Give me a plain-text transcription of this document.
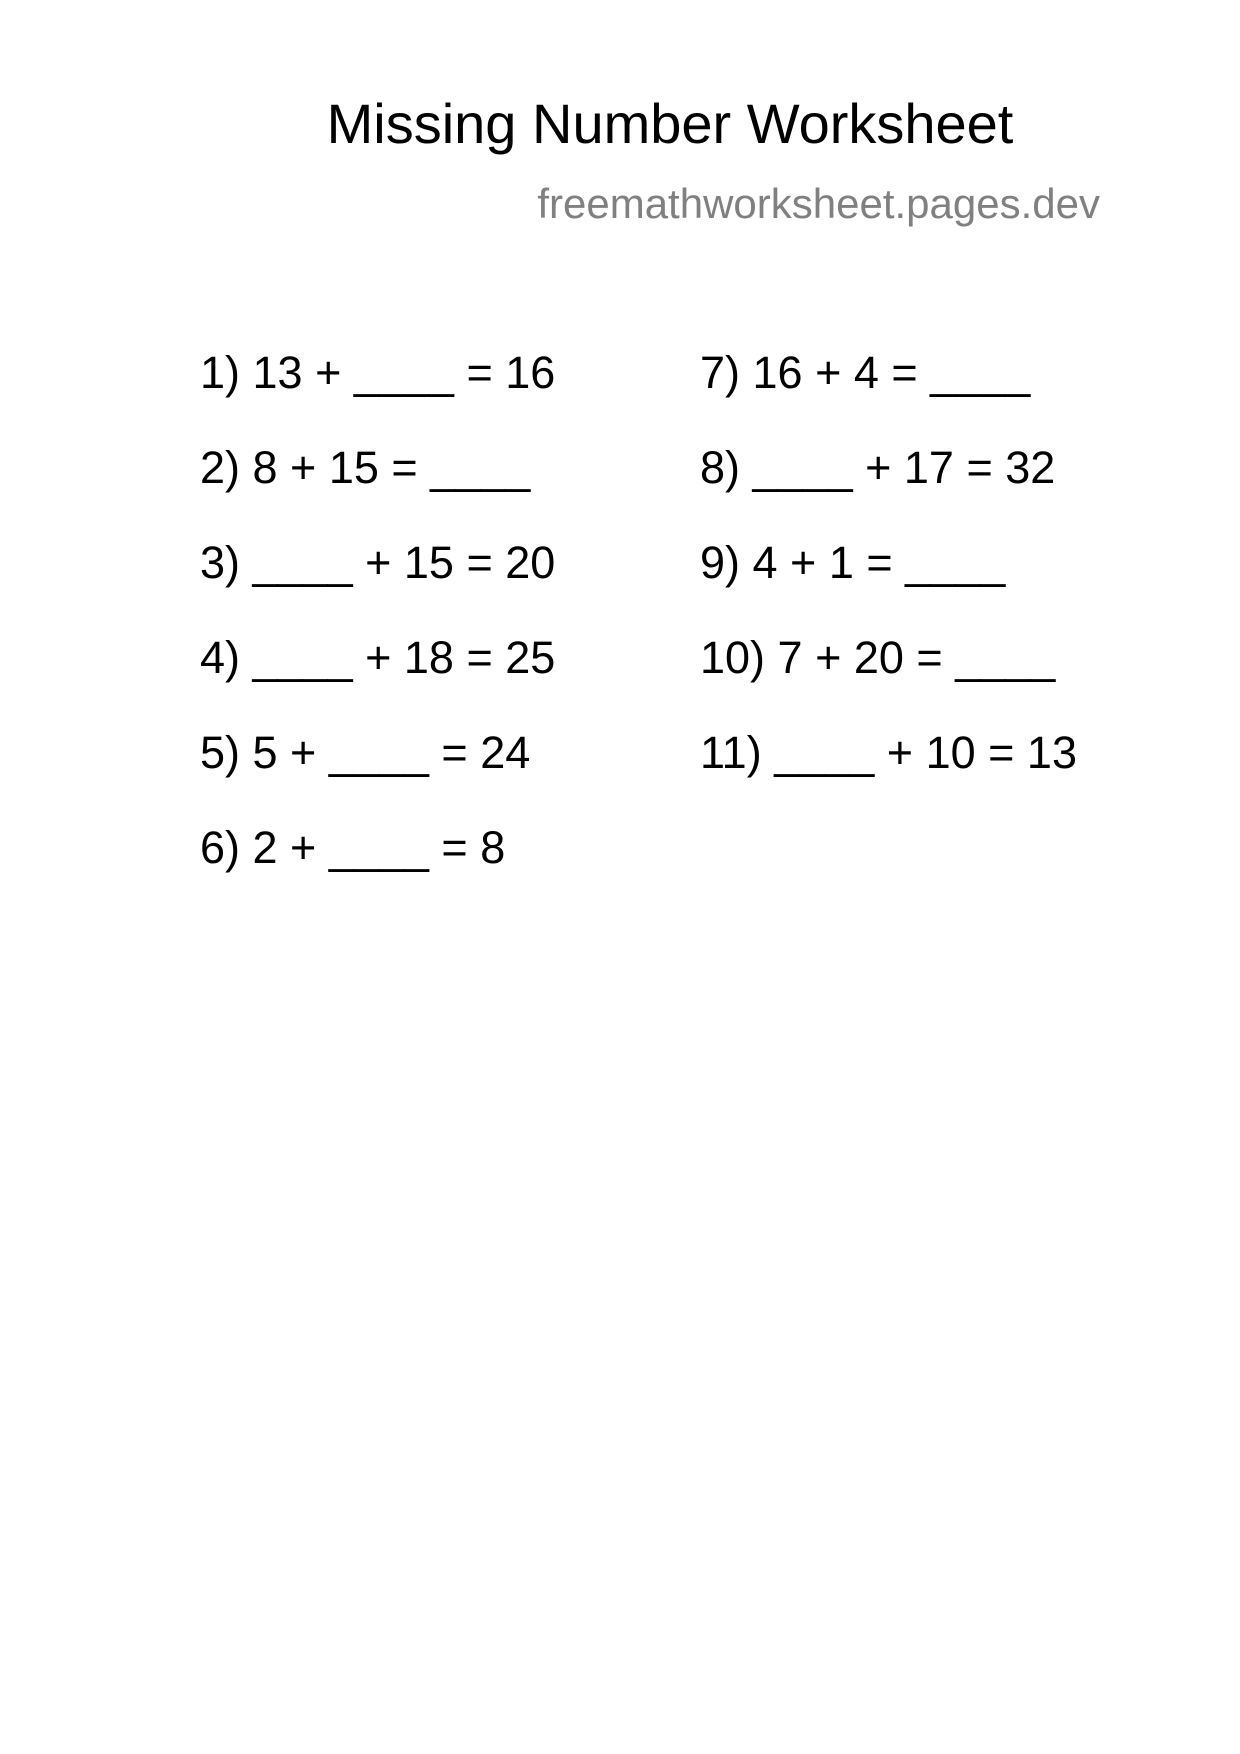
Missing Number Worksheet
freemathworksheet.pages.dev
1) 13 + ____ = 16
2) 8 + 15 = ____
3) ____ + 15 = 20
4) ____ + 18 = 25
5) 5 + ____ = 24
6) 2 + ____ = 8
7) 16 + 4 = ____
8) ____ + 17 = 32
9) 4 + 1 = ____
10) 7 + 20 = ____
11) ____ + 10 = 13
